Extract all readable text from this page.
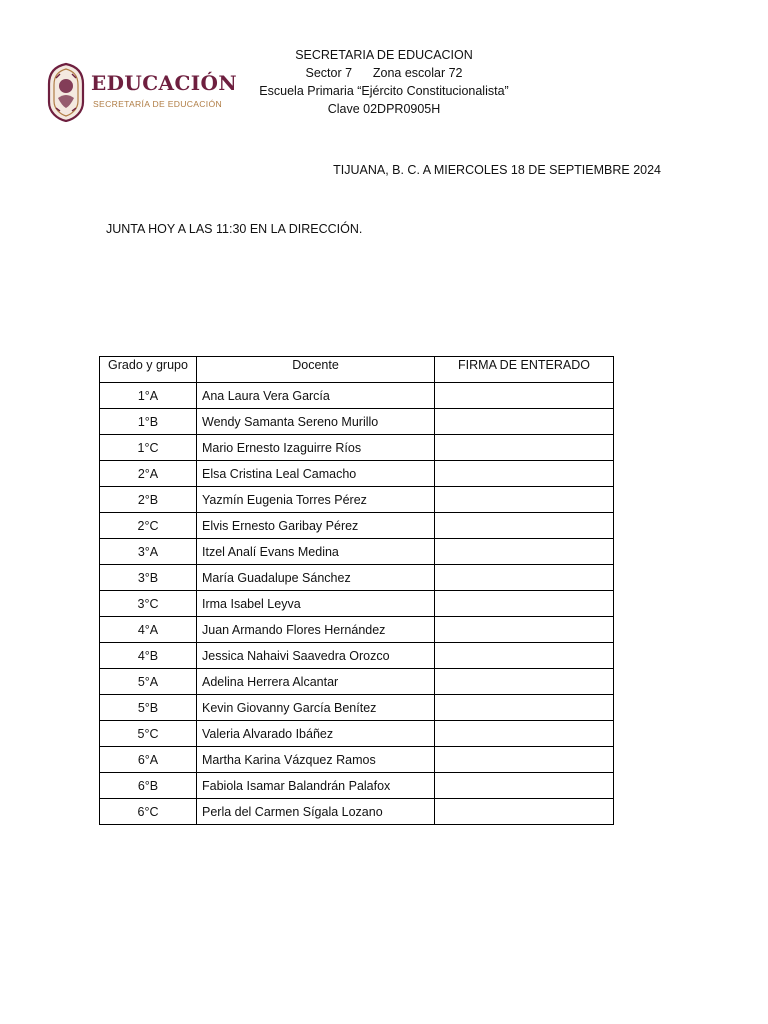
EDUCACIÓN
SECRETARÍA DE EDUCACIÓN
SECRETARIA DE EDUCACION
Sector 7      Zona escolar 72
Escuela Primaria “Ejército Constitucionalista”
Clave 02DPR0905H
TIJUANA, B. C. A MIERCOLES 18 DE SEPTIEMBRE 2024
JUNTA HOY A LAS 11:30 EN LA DIRECCIÓN.
Grado y grupo	Docente	FIRMA DE ENTERADO
1°A	Ana Laura Vera García	
1°B	Wendy Samanta Sereno Murillo	
1°C	Mario Ernesto Izaguirre Ríos	
2°A	Elsa Cristina Leal Camacho	
2°B	Yazmín Eugenia Torres Pérez	
2°C	Elvis Ernesto Garibay Pérez	
3°A	Itzel Analí Evans Medina	
3°B	María Guadalupe Sánchez	
3°C	Irma Isabel Leyva	
4°A	Juan Armando Flores Hernández	
4°B	Jessica Nahaivi Saavedra Orozco	
5°A	Adelina Herrera Alcantar	
5°B	Kevin Giovanny García Benítez	
5°C	Valeria Alvarado Ibáñez	
6°A	Martha Karina Vázquez Ramos	
6°B	Fabiola Isamar Balandrán Palafox	
6°C	Perla del Carmen Sígala Lozano	
